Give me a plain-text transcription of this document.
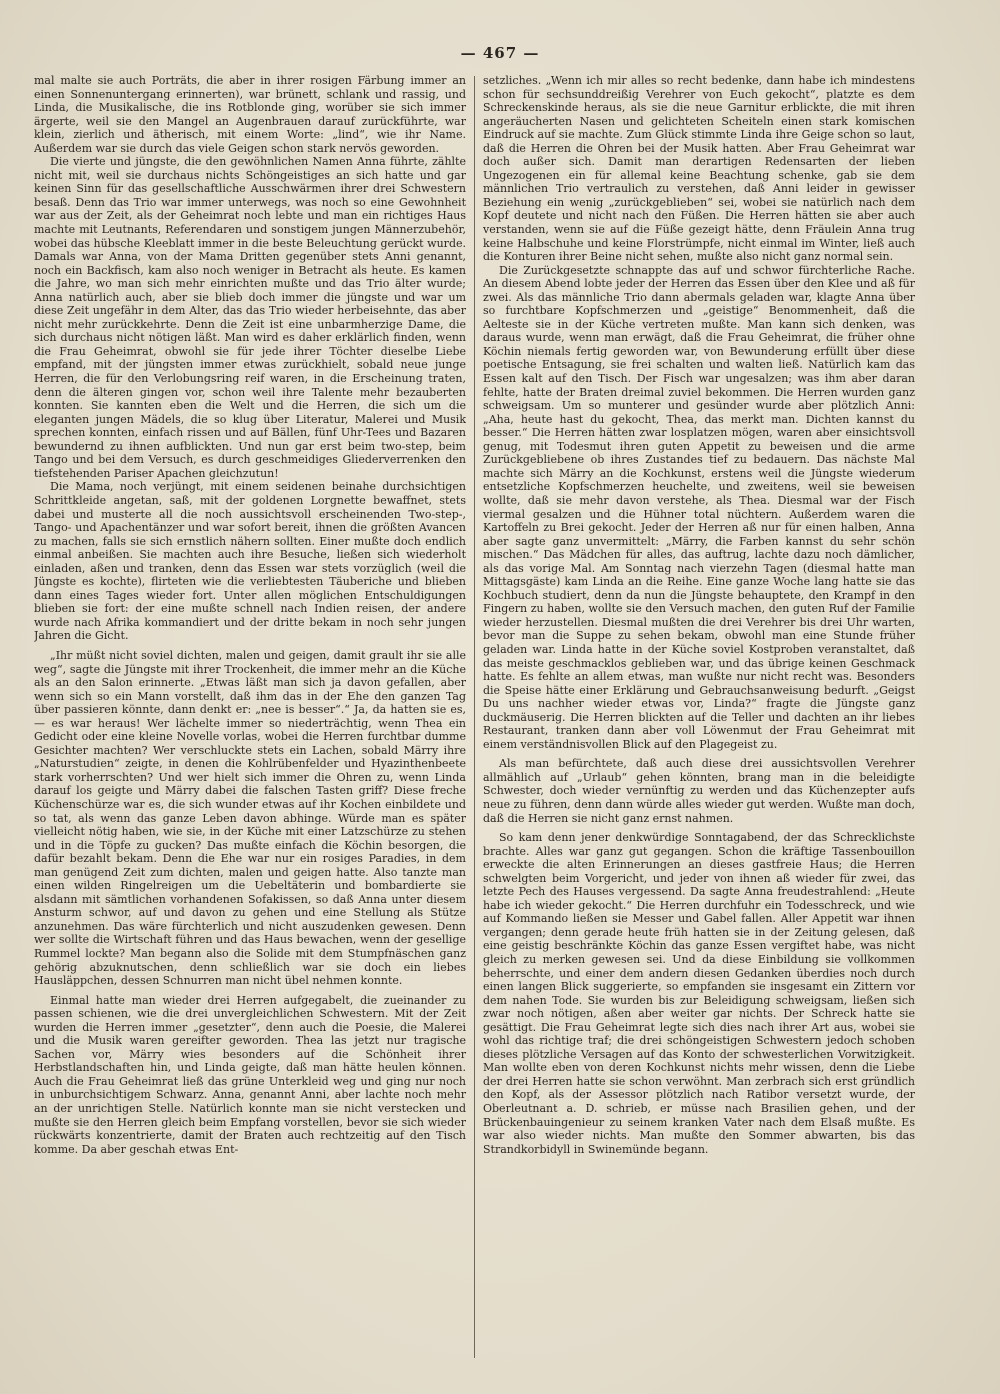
— 467 —

mal malte sie auch Porträts, die aber in ihrer rosigen Färbung immer an einen Sonnenuntergang erinnerten), war brünett, schlank und rassig, und Linda, die Musikalische, die ins Rotblonde ging, worüber sie sich immer ärgerte, weil sie den Mangel an Augenbrauen darauf zurückführte, war klein, zierlich und ätherisch, mit einem Worte: „lind“, wie ihr Name. Außerdem war sie durch das viele Geigen schon stark nervös geworden.

Die vierte und jüngste, die den gewöhnlichen Namen Anna führte, zählte nicht mit, weil sie durchaus nichts Schöngeistiges an sich hatte und gar keinen Sinn für das gesellschaftliche Ausschwärmen ihrer drei Schwestern besaß. Denn das Trio war immer unterwegs, was noch so eine Gewohnheit war aus der Zeit, als der Geheimrat noch lebte und man ein richtiges Haus machte mit Leutnants, Referendaren und sonstigem jungen Männerzubehör, wobei das hübsche Kleeblatt immer in die beste Beleuchtung gerückt wurde. Damals war Anna, von der Mama Dritten gegenüber stets Anni genannt, noch ein Backfisch, kam also noch weniger in Betracht als heute. Es kamen die Jahre, wo man sich mehr einrichten mußte und das Trio älter wurde; Anna natürlich auch, aber sie blieb doch immer die jüngste und war um diese Zeit ungefähr in dem Alter, das das Trio wieder herbeisehnte, das aber nicht mehr zurückkehrte. Denn die Zeit ist eine unbarmherzige Dame, die sich durchaus nicht nötigen läßt. Man wird es daher erklärlich finden, wenn die Frau Geheimrat, obwohl sie für jede ihrer Töchter dieselbe Liebe empfand, mit der jüngsten immer etwas zurückhielt, sobald neue junge Herren, die für den Verlobungsring reif waren, in die Erscheinung traten, denn die älteren gingen vor, schon weil ihre Talente mehr bezauberten konnten. Sie kannten eben die Welt und die Herren, die sich um die eleganten jungen Mädels, die so klug über Literatur, Malerei und Musik sprechen konnten, einfach rissen und auf Bällen, fünf Uhr-Tees und Bazaren bewundernd zu ihnen aufblickten. Und nun gar erst beim two-step, beim Tango und bei dem Versuch, es durch geschmeidiges Gliederverrenken den tiefstehenden Pariser Apachen gleichzutun!

Die Mama, noch verjüngt, mit einem seidenen beinahe durchsichtigen Schrittkleide angetan, saß, mit der goldenen Lorgnette bewaffnet, stets dabei und musterte all die noch aussichtsvoll erscheinenden Two-step-, Tango- und Apachentänzer und war sofort bereit, ihnen die größten Avancen zu machen, falls sie sich ernstlich nähern sollten. Einer mußte doch endlich einmal anbeißen. Sie machten auch ihre Besuche, ließen sich wiederholt einladen, aßen und tranken, denn das Essen war stets vorzüglich (weil die Jüngste es kochte), flirteten wie die verliebtesten Täuberiche und blieben dann eines Tages wieder fort. Unter allen möglichen Entschuldigungen blieben sie fort: der eine mußte schnell nach Indien reisen, der andere wurde nach Afrika kommandiert und der dritte bekam in noch sehr jungen Jahren die Gicht.

„Ihr müßt nicht soviel dichten, malen und geigen, damit grault ihr sie alle weg“, sagte die Jüngste mit ihrer Trockenheit, die immer mehr an die Küche als an den Salon erinnerte. „Etwas läßt man sich ja davon gefallen, aber wenn sich so ein Mann vorstellt, daß ihm das in der Ehe den ganzen Tag über passieren könnte, dann denkt er: „nee is besser“.“ Ja, da hatten sie es, — es war heraus! Wer lächelte immer so niederträchtig, wenn Thea ein Gedicht oder eine kleine Novelle vorlas, wobei die Herren furchtbar dumme Gesichter machten? Wer verschluckte stets ein Lachen, sobald Märry ihre „Naturstudien“ zeigte, in denen die Kohlrübenfelder und Hyazinthenbeete stark vorherrschten? Und wer hielt sich immer die Ohren zu, wenn Linda darauf los geigte und Märry dabei die falschen Tasten griff? Diese freche Küchenschürze war es, die sich wunder etwas auf ihr Kochen einbildete und so tat, als wenn das ganze Leben davon abhinge. Würde man es später vielleicht nötig haben, wie sie, in der Küche mit einer Latzschürze zu stehen und in die Töpfe zu gucken? Das mußte einfach die Köchin besorgen, die dafür bezahlt bekam. Denn die Ehe war nur ein rosiges Paradies, in dem man genügend Zeit zum dichten, malen und geigen hatte. Also tanzte man einen wilden Ringelreigen um die Uebeltäterin und bombardierte sie alsdann mit sämtlichen vorhandenen Sofakissen, so daß Anna unter diesem Ansturm schwor, auf und davon zu gehen und eine Stellung als Stütze anzunehmen. Das wäre fürchterlich und nicht auszudenken gewesen. Denn wer sollte die Wirtschaft führen und das Haus bewachen, wenn der gesellige Rummel lockte? Man begann also die Solide mit dem Stumpfnäschen ganz gehörig abzuknutschen, denn schließlich war sie doch ein liebes Hausläppchen, dessen Schnurren man nicht übel nehmen konnte.

Einmal hatte man wieder drei Herren aufgegabelt, die zueinander zu passen schienen, wie die drei unvergleichlichen Schwestern. Mit der Zeit wurden die Herren immer „gesetzter“, denn auch die Poesie, die Malerei und die Musik waren gereifter geworden. Thea las jetzt nur tragische Sachen vor, Märry wies besonders auf die Schönheit ihrer Herbstlandschaften hin, und Linda geigte, daß man hätte heulen können. Auch die Frau Geheimrat ließ das grüne Unterkleid weg und ging nur noch in unburchsichtigem Schwarz. Anna, genannt Anni, aber lachte noch mehr an der unrichtigen Stelle. Natürlich konnte man sie nicht verstecken und mußte sie den Herren gleich beim Empfang vorstellen, bevor sie sich wieder rückwärts konzentrierte, damit der Braten auch rechtzeitig auf den Tisch komme. Da aber geschah etwas Ent-

setzliches. „Wenn ich mir alles so recht bedenke, dann habe ich mindestens schon für sechsunddreißig Verehrer von Euch gekocht“, platzte es dem Schreckenskinde heraus, als sie die neue Garnitur erblickte, die mit ihren angeräucherten Nasen und gelichteten Scheiteln einen stark komischen Eindruck auf sie machte. Zum Glück stimmte Linda ihre Geige schon so laut, daß die Herren die Ohren bei der Musik hatten. Aber Frau Geheimrat war doch außer sich. Damit man derartigen Redensarten der lieben Ungezogenen ein für allemal keine Beachtung schenke, gab sie dem männlichen Trio vertraulich zu verstehen, daß Anni leider in gewisser Beziehung ein wenig „zurückgeblieben“ sei, wobei sie natürlich nach dem Kopf deutete und nicht nach den Füßen. Die Herren hätten sie aber auch verstanden, wenn sie auf die Füße gezeigt hätte, denn Fräulein Anna trug keine Halbschuhe und keine Florstrümpfe, nicht einmal im Winter, ließ auch die Konturen ihrer Beine nicht sehen, mußte also nicht ganz normal sein.

Die Zurückgesetzte schnappte das auf und schwor fürchterliche Rache. An diesem Abend lobte jeder der Herren das Essen über den Klee und aß für zwei. Als das männliche Trio dann abermals geladen war, klagte Anna über so furchtbare Kopfschmerzen und „geistige“ Benommenheit, daß die Aelteste sie in der Küche vertreten mußte. Man kann sich denken, was daraus wurde, wenn man erwägt, daß die Frau Geheimrat, die früher ohne Köchin niemals fertig geworden war, von Bewunderung erfüllt über diese poetische Entsagung, sie frei schalten und walten ließ. Natürlich kam das Essen kalt auf den Tisch. Der Fisch war ungesalzen; was ihm aber daran fehlte, hatte der Braten dreimal zuviel bekommen. Die Herren wurden ganz schweigsam. Um so munterer und gesünder wurde aber plötzlich Anni: „Aha, heute hast du gekocht, Thea, das merkt man. Dichten kannst du besser.“ Die Herren hätten zwar losplatzen mögen, waren aber einsichtsvoll genug, mit Todesmut ihren guten Appetit zu beweisen und die arme Zurückgebliebene ob ihres Zustandes tief zu bedauern. Das nächste Mal machte sich Märry an die Kochkunst, erstens weil die Jüngste wiederum entsetzliche Kopfschmerzen heuchelte, und zweitens, weil sie beweisen wollte, daß sie mehr davon verstehe, als Thea. Diesmal war der Fisch viermal gesalzen und die Hühner total nüchtern. Außerdem waren die Kartoffeln zu Brei gekocht. Jeder der Herren aß nur für einen halben, Anna aber sagte ganz unvermittelt: „Märry, die Farben kannst du sehr schön mischen.“ Das Mädchen für alles, das auftrug, lachte dazu noch dämlicher, als das vorige Mal. Am Sonntag nach vierzehn Tagen (diesmal hatte man Mittagsgäste) kam Linda an die Reihe. Eine ganze Woche lang hatte sie das Kochbuch studiert, denn da nun die Jüngste behauptete, den Krampf in den Fingern zu haben, wollte sie den Versuch machen, den guten Ruf der Familie wieder herzustellen. Diesmal mußten die drei Verehrer bis drei Uhr warten, bevor man die Suppe zu sehen bekam, obwohl man eine Stunde früher geladen war. Linda hatte in der Küche soviel Kostproben veranstaltet, daß das meiste geschmacklos geblieben war, und das übrige keinen Geschmack hatte. Es fehlte an allem etwas, man wußte nur nicht recht was. Besonders die Speise hätte einer Erklärung und Gebrauchsanweisung bedurft. „Geigst Du uns nachher wieder etwas vor, Linda?“ fragte die Jüngste ganz duckmäuserig. Die Herren blickten auf die Teller und dachten an ihr liebes Restaurant, tranken dann aber voll Löwenmut der Frau Geheimrat mit einem verständnisvollen Blick auf den Plagegeist zu.

Als man befürchtete, daß auch diese drei aussichtsvollen Verehrer allmählich auf „Urlaub“ gehen könnten, brang man in die beleidigte Schwester, doch wieder vernünftig zu werden und das Küchenzepter aufs neue zu führen, denn dann würde alles wieder gut werden. Wußte man doch, daß die Herren sie nicht ganz ernst nahmen.

So kam denn jener denkwürdige Sonntagabend, der das Schrecklichste brachte. Alles war ganz gut gegangen. Schon die kräftige Tassenbouillon erweckte die alten Erinnerungen an dieses gastfreie Haus; die Herren schwelgten beim Vorgericht, und jeder von ihnen aß wieder für zwei, das letzte Pech des Hauses vergessend. Da sagte Anna freudestrahlend: „Heute habe ich wieder gekocht.“ Die Herren durchfuhr ein Todesschreck, und wie auf Kommando ließen sie Messer und Gabel fallen. Aller Appetit war ihnen vergangen; denn gerade heute früh hatten sie in der Zeitung gelesen, daß eine geistig beschränkte Köchin das ganze Essen vergiftet habe, was nicht gleich zu merken gewesen sei. Und da diese Einbildung sie vollkommen beherrschte, und einer dem andern diesen Gedanken überdies noch durch einen langen Blick suggerierte, so empfanden sie insgesamt ein Zittern vor dem nahen Tode. Sie wurden bis zur Beleidigung schweigsam, ließen sich zwar noch nötigen, aßen aber weiter gar nichts. Der Schreck hatte sie gesättigt. Die Frau Geheimrat legte sich dies nach ihrer Art aus, wobei sie wohl das richtige traf; die drei schöngeistigen Schwestern jedoch schoben dieses plötzliche Versagen auf das Konto der schwesterlichen Vorwitzigkeit. Man wollte eben von deren Kochkunst nichts mehr wissen, denn die Liebe der drei Herren hatte sie schon verwöhnt. Man zerbrach sich erst gründlich den Kopf, als der Assessor plötzlich nach Ratibor versetzt wurde, der Oberleutnant a. D. schrieb, er müsse nach Brasilien gehen, und der Brückenbauingenieur zu seinem kranken Vater nach dem Elsaß mußte. Es war also wieder nichts. Man mußte den Sommer abwarten, bis das Strandkorbidyll in Swinemünde begann.
